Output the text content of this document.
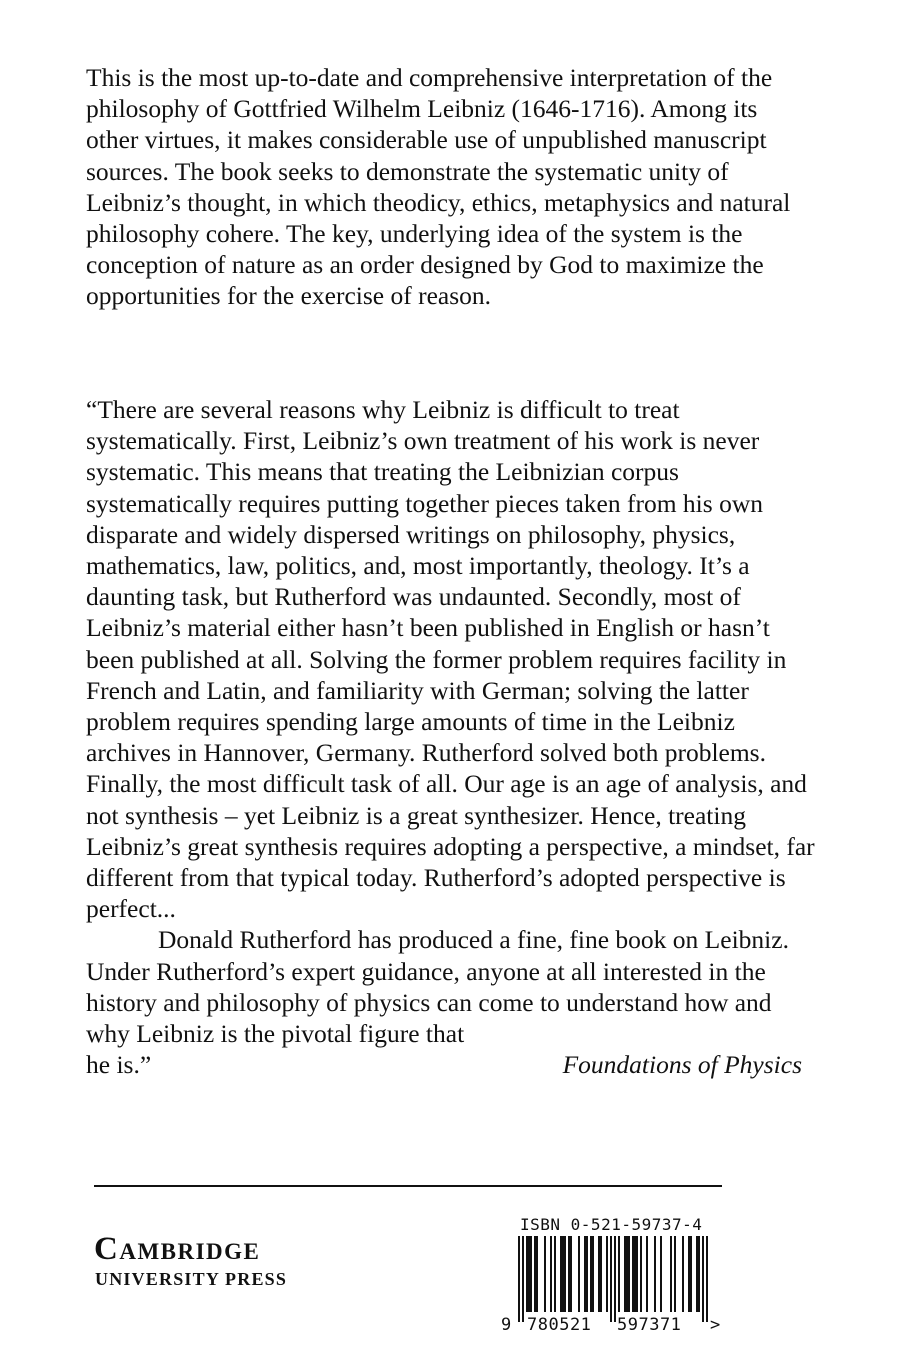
This is the most up-to-date and comprehensive interpretation of the philosophy of Gottfried Wilhelm Leibniz (1646-1716). Among its other virtues, it makes considerable use of unpublished manuscript sources. The book seeks to demonstrate the systematic unity of Leibniz’s thought, in which theodicy, ethics, metaphysics and natural philosophy cohere. The key, underlying idea of the system is the conception of nature as an order designed by God to maximize the opportunities for the exercise of reason.

“There are several reasons why Leibniz is difficult to treat systematically. First, Leibniz’s own treatment of his work is never systematic. This means that treating the Leibnizian corpus systematically requires putting together pieces taken from his own disparate and widely dispersed writings on philosophy, physics, mathematics, law, politics, and, most importantly, theology. It’s a daunting task, but Rutherford was undaunted. Secondly, most of Leibniz’s material either hasn’t been published in English or hasn’t been published at all. Solving the former problem requires facility in French and Latin, and familiarity with German; solving the latter problem requires spending large amounts of time in the Leibniz archives in Hannover, Germany. Rutherford solved both problems. Finally, the most difficult task of all. Our age is an age of analysis, and not synthesis – yet Leibniz is a great synthesizer. Hence, treating Leibniz’s great synthesis requires adopting a perspective, a mindset, far different from that typical today. Rutherford’s adopted perspective is perfect...

Donald Rutherford has produced a fine, fine book on Leibniz. Under Rutherford’s expert guidance, anyone at all interested in the history and philosophy of physics can come to understand how and why Leibniz is the pivotal figure that

he is.”	Foundations of Physics

Cambridge
UNIVERSITY PRESS
ISBN 0-521-59737-4
9 780521 597371 >
